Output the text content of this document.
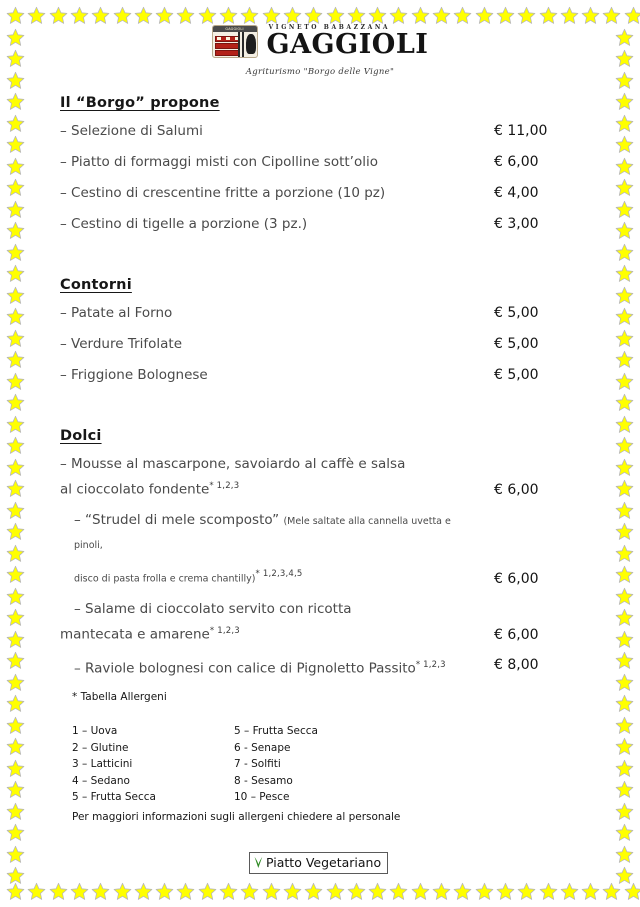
GAGGIOLI	VIGNETO BABAZZANA
GAGGIOLI
Agriturismo "Borgo delle Vigne"
Il “Borgo” propone
– Selezione di Salumi	€ 11,00
– Piatto di formaggi misti con Cipolline sott’olio	€ 6,00
– Cestino di crescentine fritte a porzione (10 pz)	€ 4,00
– Cestino di tigelle a porzione (3 pz.)	€ 3,00
Contorni
– Patate al Forno	€ 5,00
– Verdure Trifolate	€ 5,00
– Friggione Bolognese	€ 5,00
Dolci
– Mousse al mascarpone, savoiardo al caffè e salsa
al cioccolato fondente$^{* 1,2,3}$	€ 6,00
– “Strudel di mele scomposto” (Mele saltate alla cannella uvetta e pinoli,
disco di pasta frolla e crema chantilly)$^{* 1,2,3,4,5}$	€ 6,00
– Salame di cioccolato servito con ricotta
mantecata e amarene$^{* 1,2,3}$	€ 6,00
– Raviole bolognesi con calice di Pignoletto Passito$^{* 1,2,3}$	€ 8,00
* Tabella Allergeni
1 – Uova	5 – Frutta Secca
2 – Glutine	6 - Senape
3 – Latticini	7 - Solfiti
4 – Sedano	8 - Sesamo
5 – Frutta Secca	10 – Pesce
Per maggiori informazioni sugli allergeni chiedere al personale
Piatto Vegetariano
